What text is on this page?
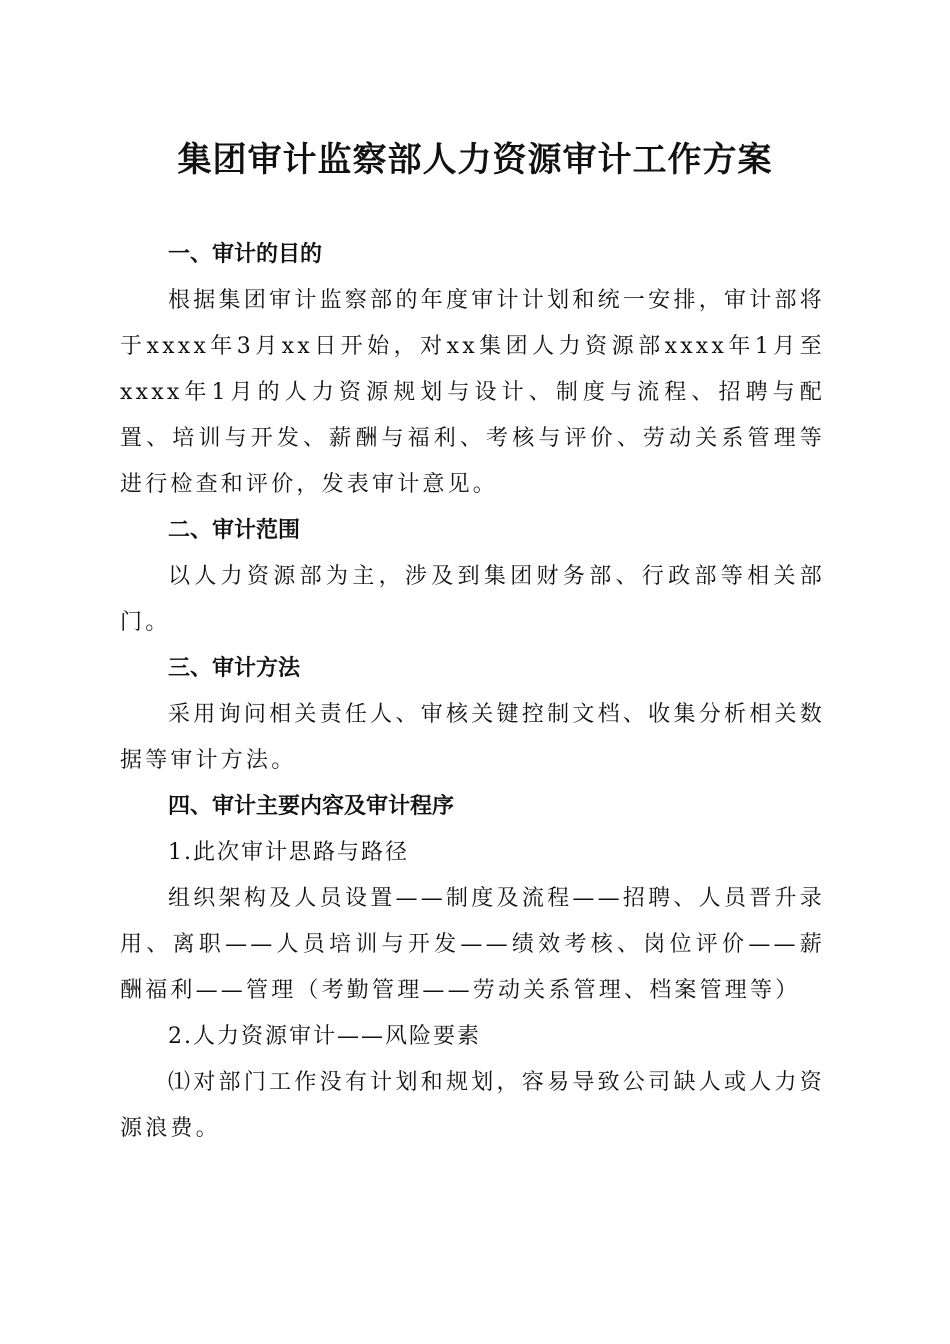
集团审计监察部人力资源审计工作方案

一、审计的目的

根据集团审计监察部的年度审计计划和统一安排，审计部将于xxxx年3月xx日开始，对xx集团人力资源部xxxx年1月至xxxx年1月的人力资源规划与设计、制度与流程、招聘与配置、培训与开发、薪酬与福利、考核与评价、劳动关系管理等进行检查和评价，发表审计意见。

二、审计范围

以人力资源部为主，涉及到集团财务部、行政部等相关部门。

三、审计方法

采用询问相关责任人、审核关键控制文档、收集分析相关数据等审计方法。

四、审计主要内容及审计程序

1.此次审计思路与路径

组织架构及人员设置——制度及流程——招聘、人员晋升录用、离职——人员培训与开发——绩效考核、岗位评价——薪酬福利——管理（考勤管理——劳动关系管理、档案管理等）

2.人力资源审计——风险要素

⑴对部门工作没有计划和规划，容易导致公司缺人或人力资源浪费。
